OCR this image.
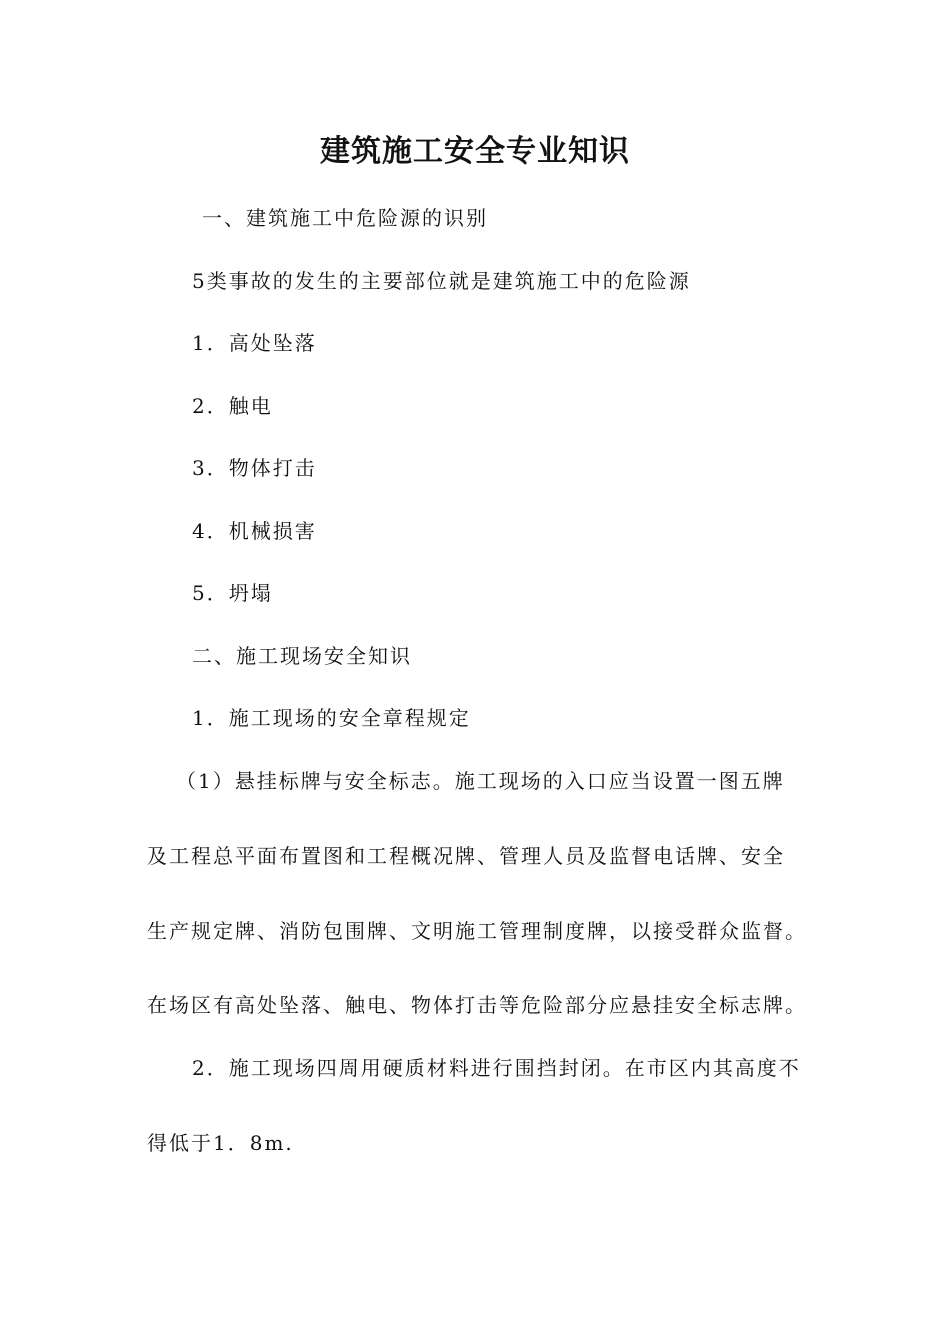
建筑施工安全专业知识

一、建筑施工中危险源的识别

5类事故的发生的主要部位就是建筑施工中的危险源

1．高处坠落

2．触电

3．物体打击

4．机械损害

5．坍塌

二、施工现场安全知识

1．施工现场的安全章程规定

（1）悬挂标牌与安全标志。施工现场的入口应当设置一图五牌

及工程总平面布置图和工程概况牌、管理人员及监督电话牌、安全

生产规定牌、消防包围牌、文明施工管理制度牌，以接受群众监督。

在场区有高处坠落、触电、物体打击等危险部分应悬挂安全标志牌。

2．施工现场四周用硬质材料进行围挡封闭。在市区内其高度不

得低于1．8m.
